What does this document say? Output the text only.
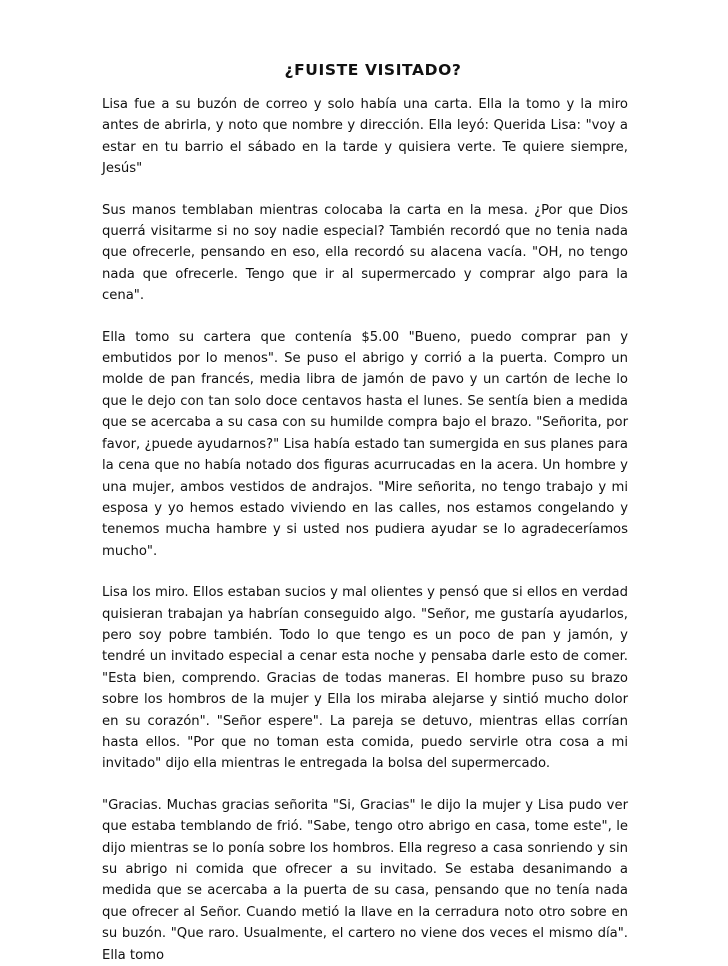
¿FUISTE VISITADO?

Lisa fue a su buzón de correo y solo había una carta. Ella la tomo y la miro antes de abrirla, y noto que nombre y dirección. Ella leyó: Querida Lisa: "voy a estar en tu barrio el sábado en la tarde y quisiera verte. Te quiere siempre, Jesús"

Sus manos temblaban mientras colocaba la carta en la mesa. ¿Por que Dios querrá visitarme si no soy nadie especial? También recordó que no tenia nada que ofrecerle, pensando en eso, ella recordó su alacena vacía. "OH, no tengo nada que ofrecerle. Tengo que ir al supermercado y comprar algo para la cena".

Ella tomo su cartera que contenía $5.00 "Bueno, puedo comprar pan y embutidos por lo menos". Se puso el abrigo y corrió a la puerta. Compro un molde de pan francés, media libra de jamón de pavo y un cartón de leche lo que le dejo con tan solo doce centavos hasta el lunes. Se sentía bien a medida que se acercaba a su casa con su humilde compra bajo el brazo. "Señorita, por favor, ¿puede ayudarnos?" Lisa había estado tan sumergida en sus planes para la cena que no había notado dos figuras acurrucadas en la acera. Un hombre y una mujer, ambos vestidos de andrajos. "Mire señorita, no tengo trabajo y mi esposa y yo hemos estado viviendo en las calles, nos estamos congelando y tenemos mucha hambre y si usted nos pudiera ayudar se lo agradeceríamos mucho".

Lisa los miro. Ellos estaban sucios y mal olientes y pensó que si ellos en verdad quisieran trabajan ya habrían conseguido algo. "Señor, me gustaría ayudarlos, pero soy pobre también. Todo lo que tengo es un poco de pan y jamón, y tendré un invitado especial a cenar esta noche y pensaba darle esto de comer. "Esta bien, comprendo. Gracias de todas maneras. El hombre puso su brazo sobre los hombros de la mujer y Ella los miraba alejarse y sintió mucho dolor en su corazón". "Señor espere". La pareja se detuvo, mientras ellas corrían hasta ellos. "Por que no toman esta comida, puedo servirle otra cosa a mi invitado" dijo ella mientras le entregada la bolsa del supermercado.

"Gracias. Muchas gracias señorita "Si, Gracias" le dijo la mujer y Lisa pudo ver que estaba temblando de frió. "Sabe, tengo otro abrigo en casa, tome este", le dijo mientras se lo ponía sobre los hombros. Ella regreso a casa sonriendo y sin su abrigo ni comida que ofrecer a su invitado. Se estaba desanimando a medida que se acercaba a la puerta de su casa, pensando que no tenía nada que ofrecer al Señor. Cuando metió la llave en la cerradura noto otro sobre en su buzón. "Que raro. Usualmente, el cartero no viene dos veces el mismo día". Ella tomo
